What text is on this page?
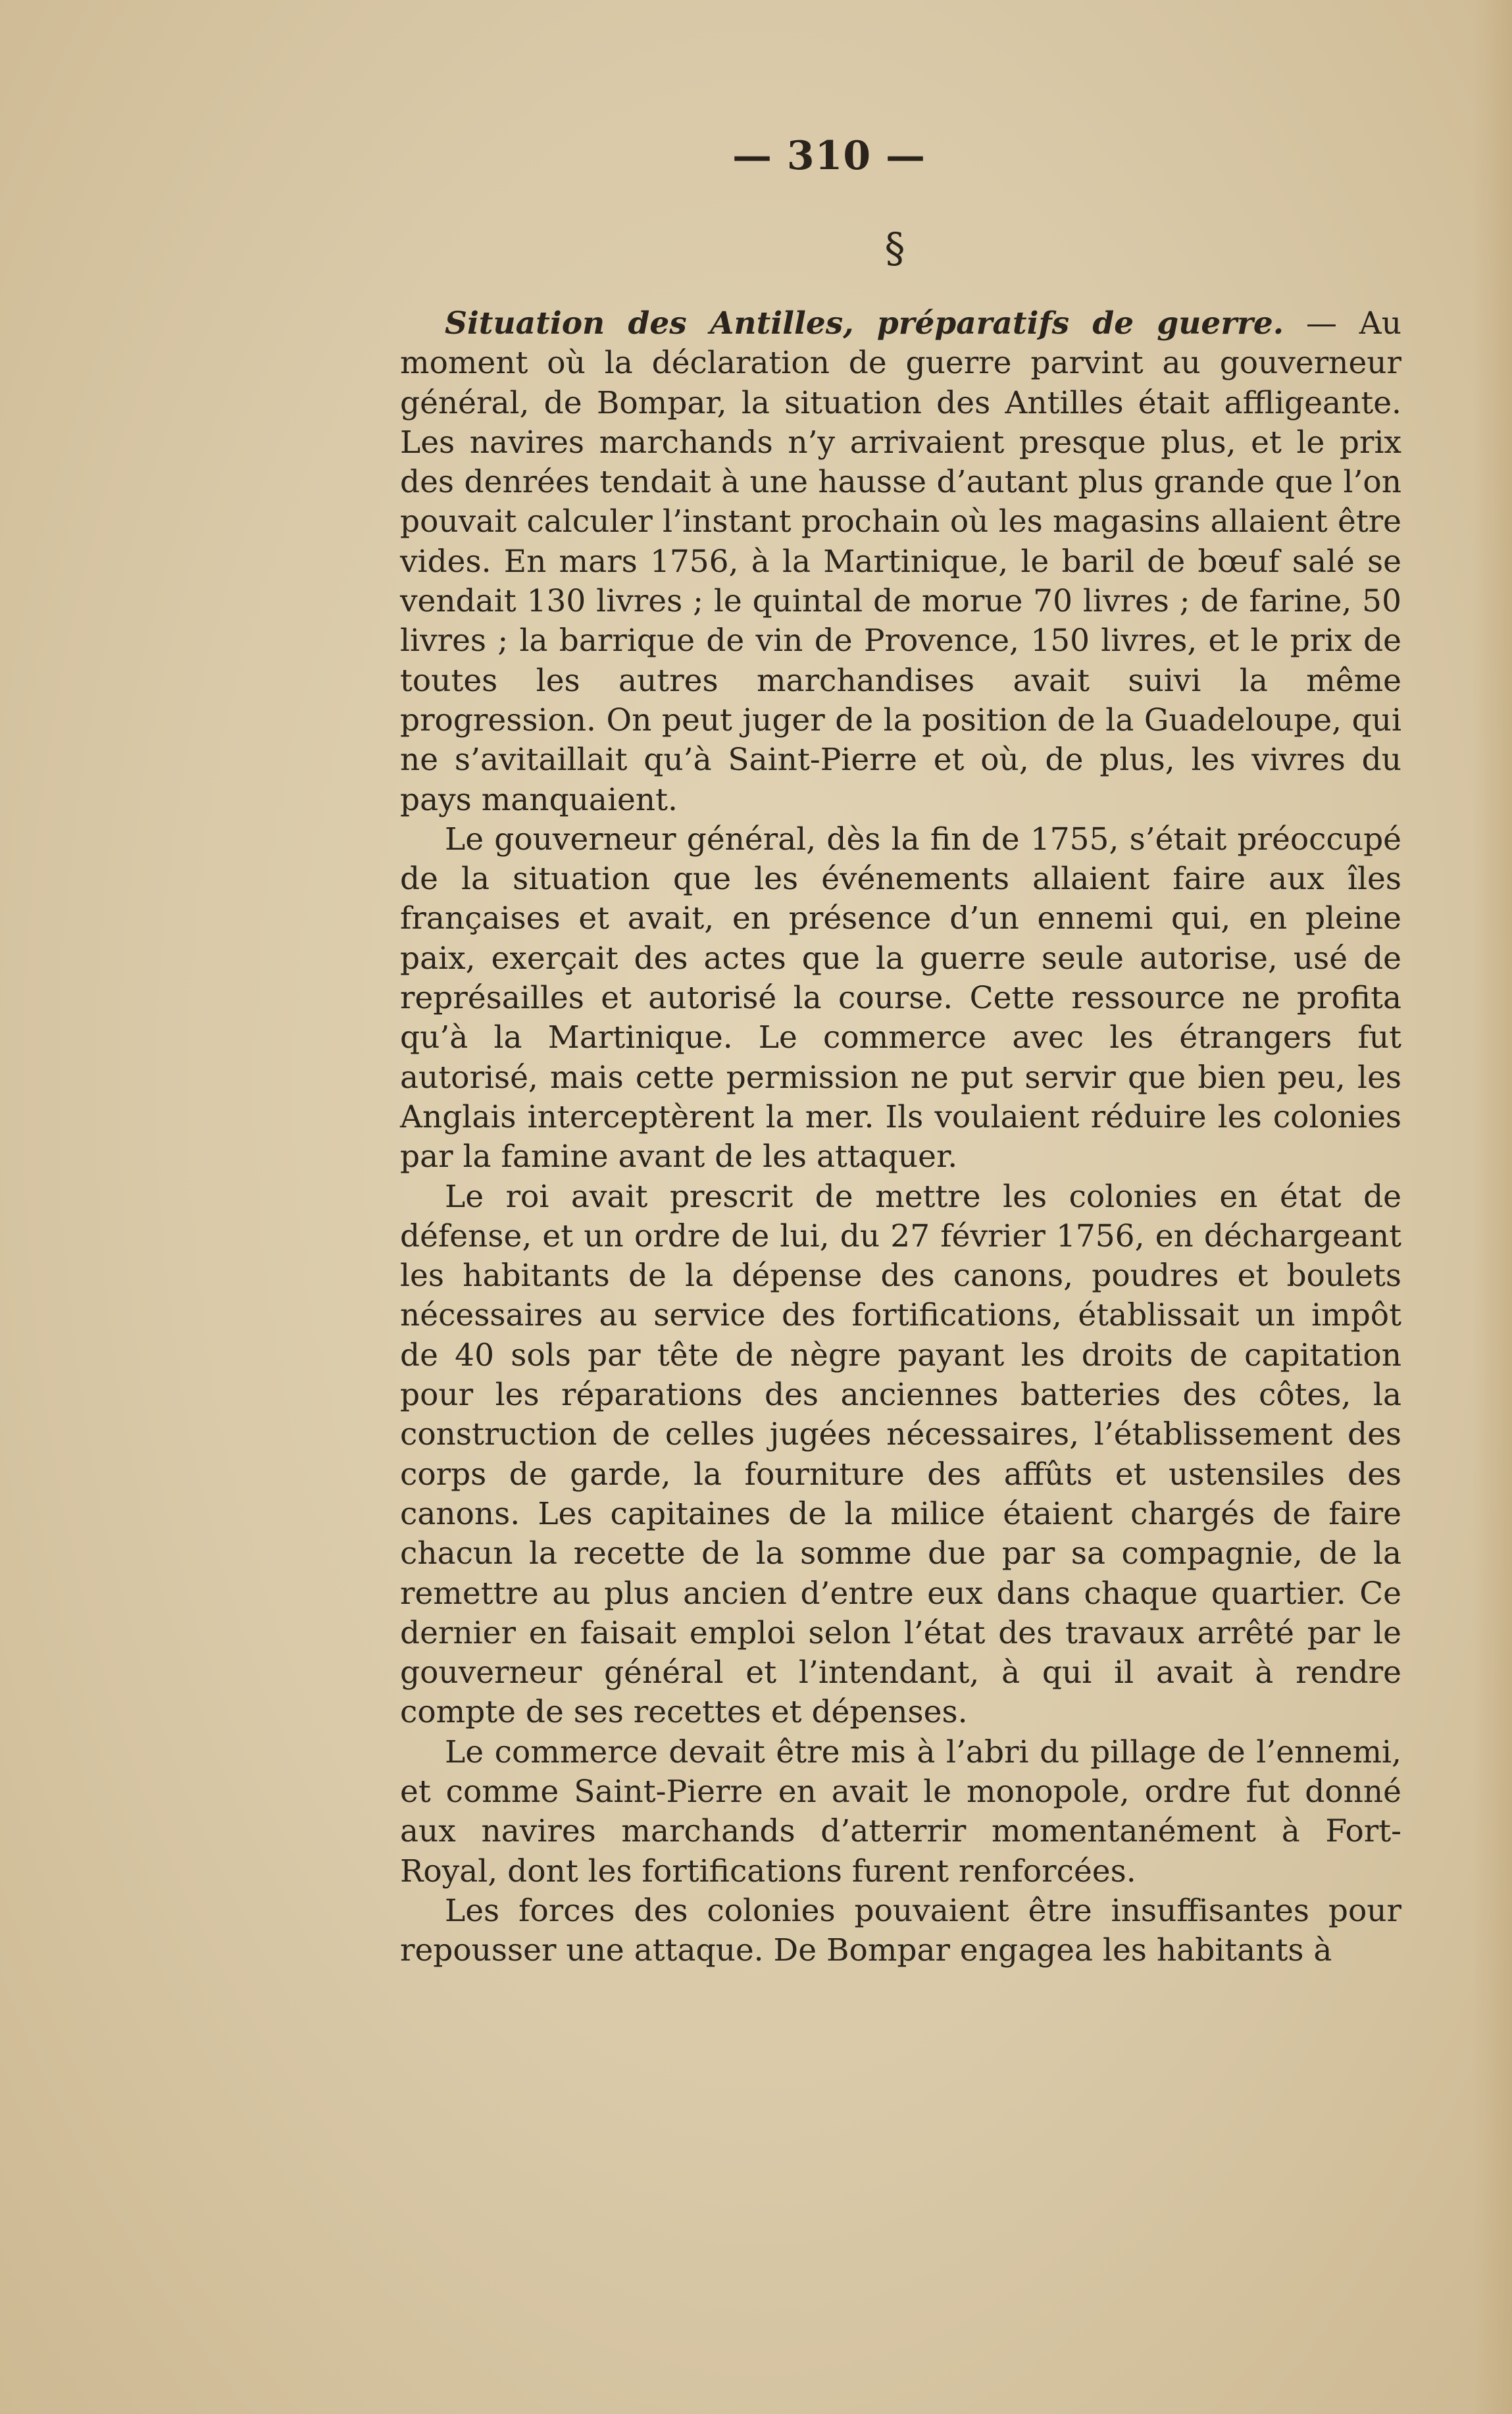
— 310 —
§

Situation des Antilles, préparatifs de guerre. — Au moment où la déclaration de guerre parvint au gouverneur général, de Bompar, la situation des Antilles était affligeante. Les navires marchands n’y arrivaient presque plus, et le prix des denrées tendait à une hausse d’autant plus grande que l’on pouvait calculer l’instant prochain où les magasins allaient être vides. En mars 1756, à la Martinique, le baril de bœuf salé se vendait 130 livres ; le quintal de morue 70 livres ; de farine, 50 livres ; la barrique de vin de Provence, 150 livres, et le prix de toutes les autres marchandises avait suivi la même progression. On peut juger de la position de la Guadeloupe, qui ne s’avitaillait qu’à Saint-Pierre et où, de plus, les vivres du pays manquaient.

Le gouverneur général, dès la fin de 1755, s’était préoccupé de la situation que les événements allaient faire aux îles françaises et avait, en présence d’un ennemi qui, en pleine paix, exerçait des actes que la guerre seule autorise, usé de représailles et autorisé la course. Cette ressource ne profita qu’à la Martinique. Le commerce avec les étrangers fut autorisé, mais cette permission ne put servir que bien peu, les Anglais interceptèrent la mer. Ils voulaient réduire les colonies par la famine avant de les attaquer.

Le roi avait prescrit de mettre les colonies en état de défense, et un ordre de lui, du 27 février 1756, en déchargeant les habitants de la dépense des canons, poudres et boulets nécessaires au service des fortifications, établissait un impôt de 40 sols par tête de nègre payant les droits de capitation pour les réparations des anciennes batteries des côtes, la construction de celles jugées nécessaires, l’établissement des corps de garde, la fourniture des affûts et ustensiles des canons. Les capitaines de la milice étaient chargés de faire chacun la recette de la somme due par sa compagnie, de la remettre au plus ancien d’entre eux dans chaque quartier. Ce dernier en faisait emploi selon l’état des travaux arrêté par le gouverneur général et l’intendant, à qui il avait à rendre compte de ses recettes et dépenses.

Le commerce devait être mis à l’abri du pillage de l’ennemi, et comme Saint-Pierre en avait le monopole, ordre fut donné aux navires marchands d’atterrir momentanément à Fort-Royal, dont les fortifications furent renforcées.

Les forces des colonies pouvaient être insuffisantes pour repousser une attaque. De Bompar engagea les habitants à
